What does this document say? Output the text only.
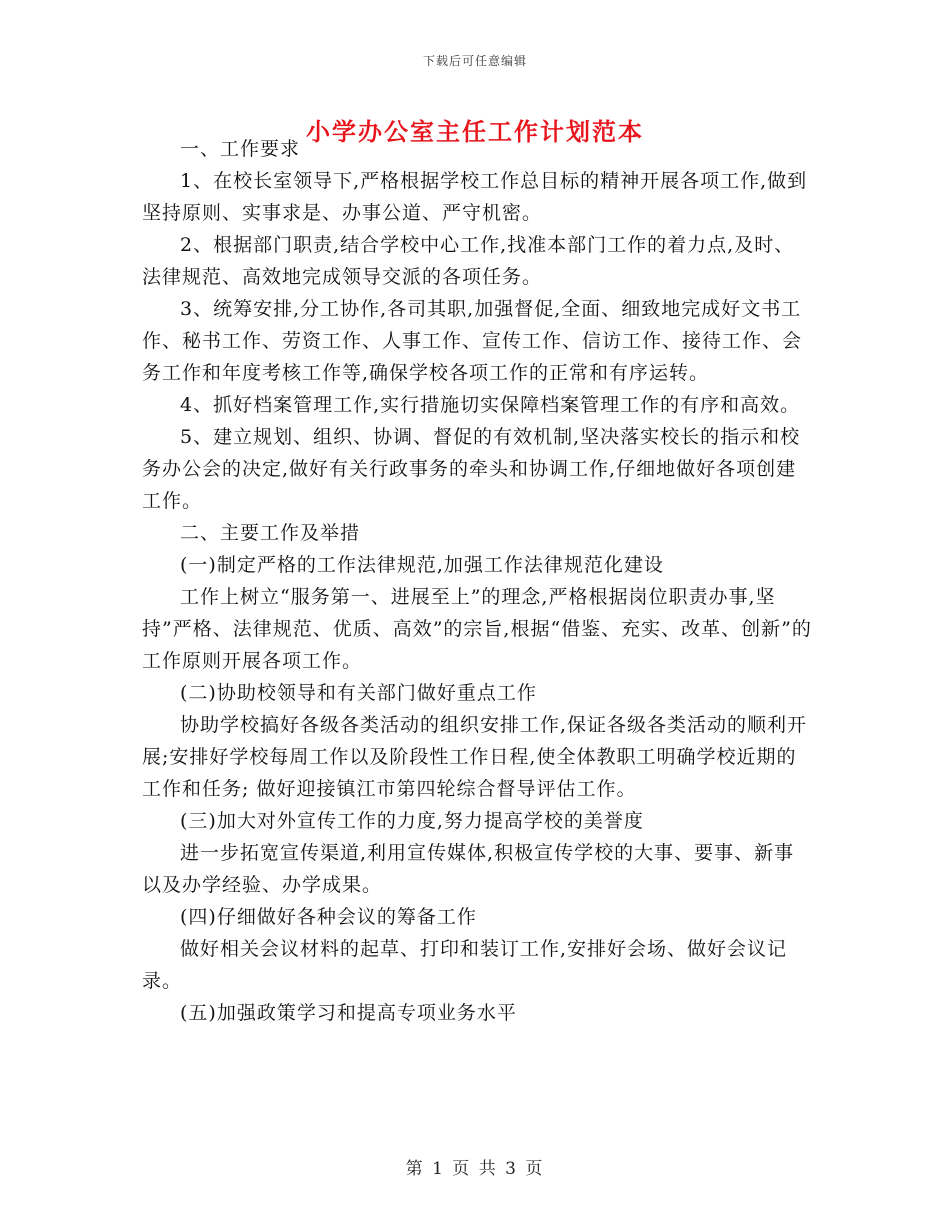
下载后可任意编辑
小学办公室主任工作计划范本

一、工作要求

1、在校长室领导下,严格根据学校工作总目标的精神开展各项工作,做到坚持原则、实事求是、办事公道、严守机密。

2、根据部门职责,结合学校中心工作,找准本部门工作的着力点,及时、法律规范、高效地完成领导交派的各项任务。

3、统筹安排,分工协作,各司其职,加强督促,全面、细致地完成好文书工作、秘书工作、劳资工作、人事工作、宣传工作、信访工作、接待工作、会务工作和年度考核工作等,确保学校各项工作的正常和有序运转。

4、抓好档案管理工作,实行措施切实保障档案管理工作的有序和高效。

5、建立规划、组织、协调、督促的有效机制,坚决落实校长的指示和校务办公会的决定,做好有关行政事务的牵头和协调工作,仔细地做好各项创建工作。

二、主要工作及举措

(一)制定严格的工作法律规范,加强工作法律规范化建设

工作上树立“服务第一、进展至上”的理念,严格根据岗位职责办事,坚持”严格、法律规范、优质、高效”的宗旨,根据“借鉴、充实、改革、创新”的工作原则开展各项工作。

(二)协助校领导和有关部门做好重点工作

协助学校搞好各级各类活动的组织安排工作,保证各级各类活动的顺利开展;安排好学校每周工作以及阶段性工作日程,使全体教职工明确学校近期的工作和任务; 做好迎接镇江市第四轮综合督导评估工作。

(三)加大对外宣传工作的力度,努力提高学校的美誉度

进一步拓宽宣传渠道,利用宣传媒体,积极宣传学校的大事、要事、新事以及办学经验、办学成果。

(四)仔细做好各种会议的筹备工作

做好相关会议材料的起草、打印和装订工作,安排好会场、做好会议记录。

(五)加强政策学习和提高专项业务水平

第 1 页 共 3 页
